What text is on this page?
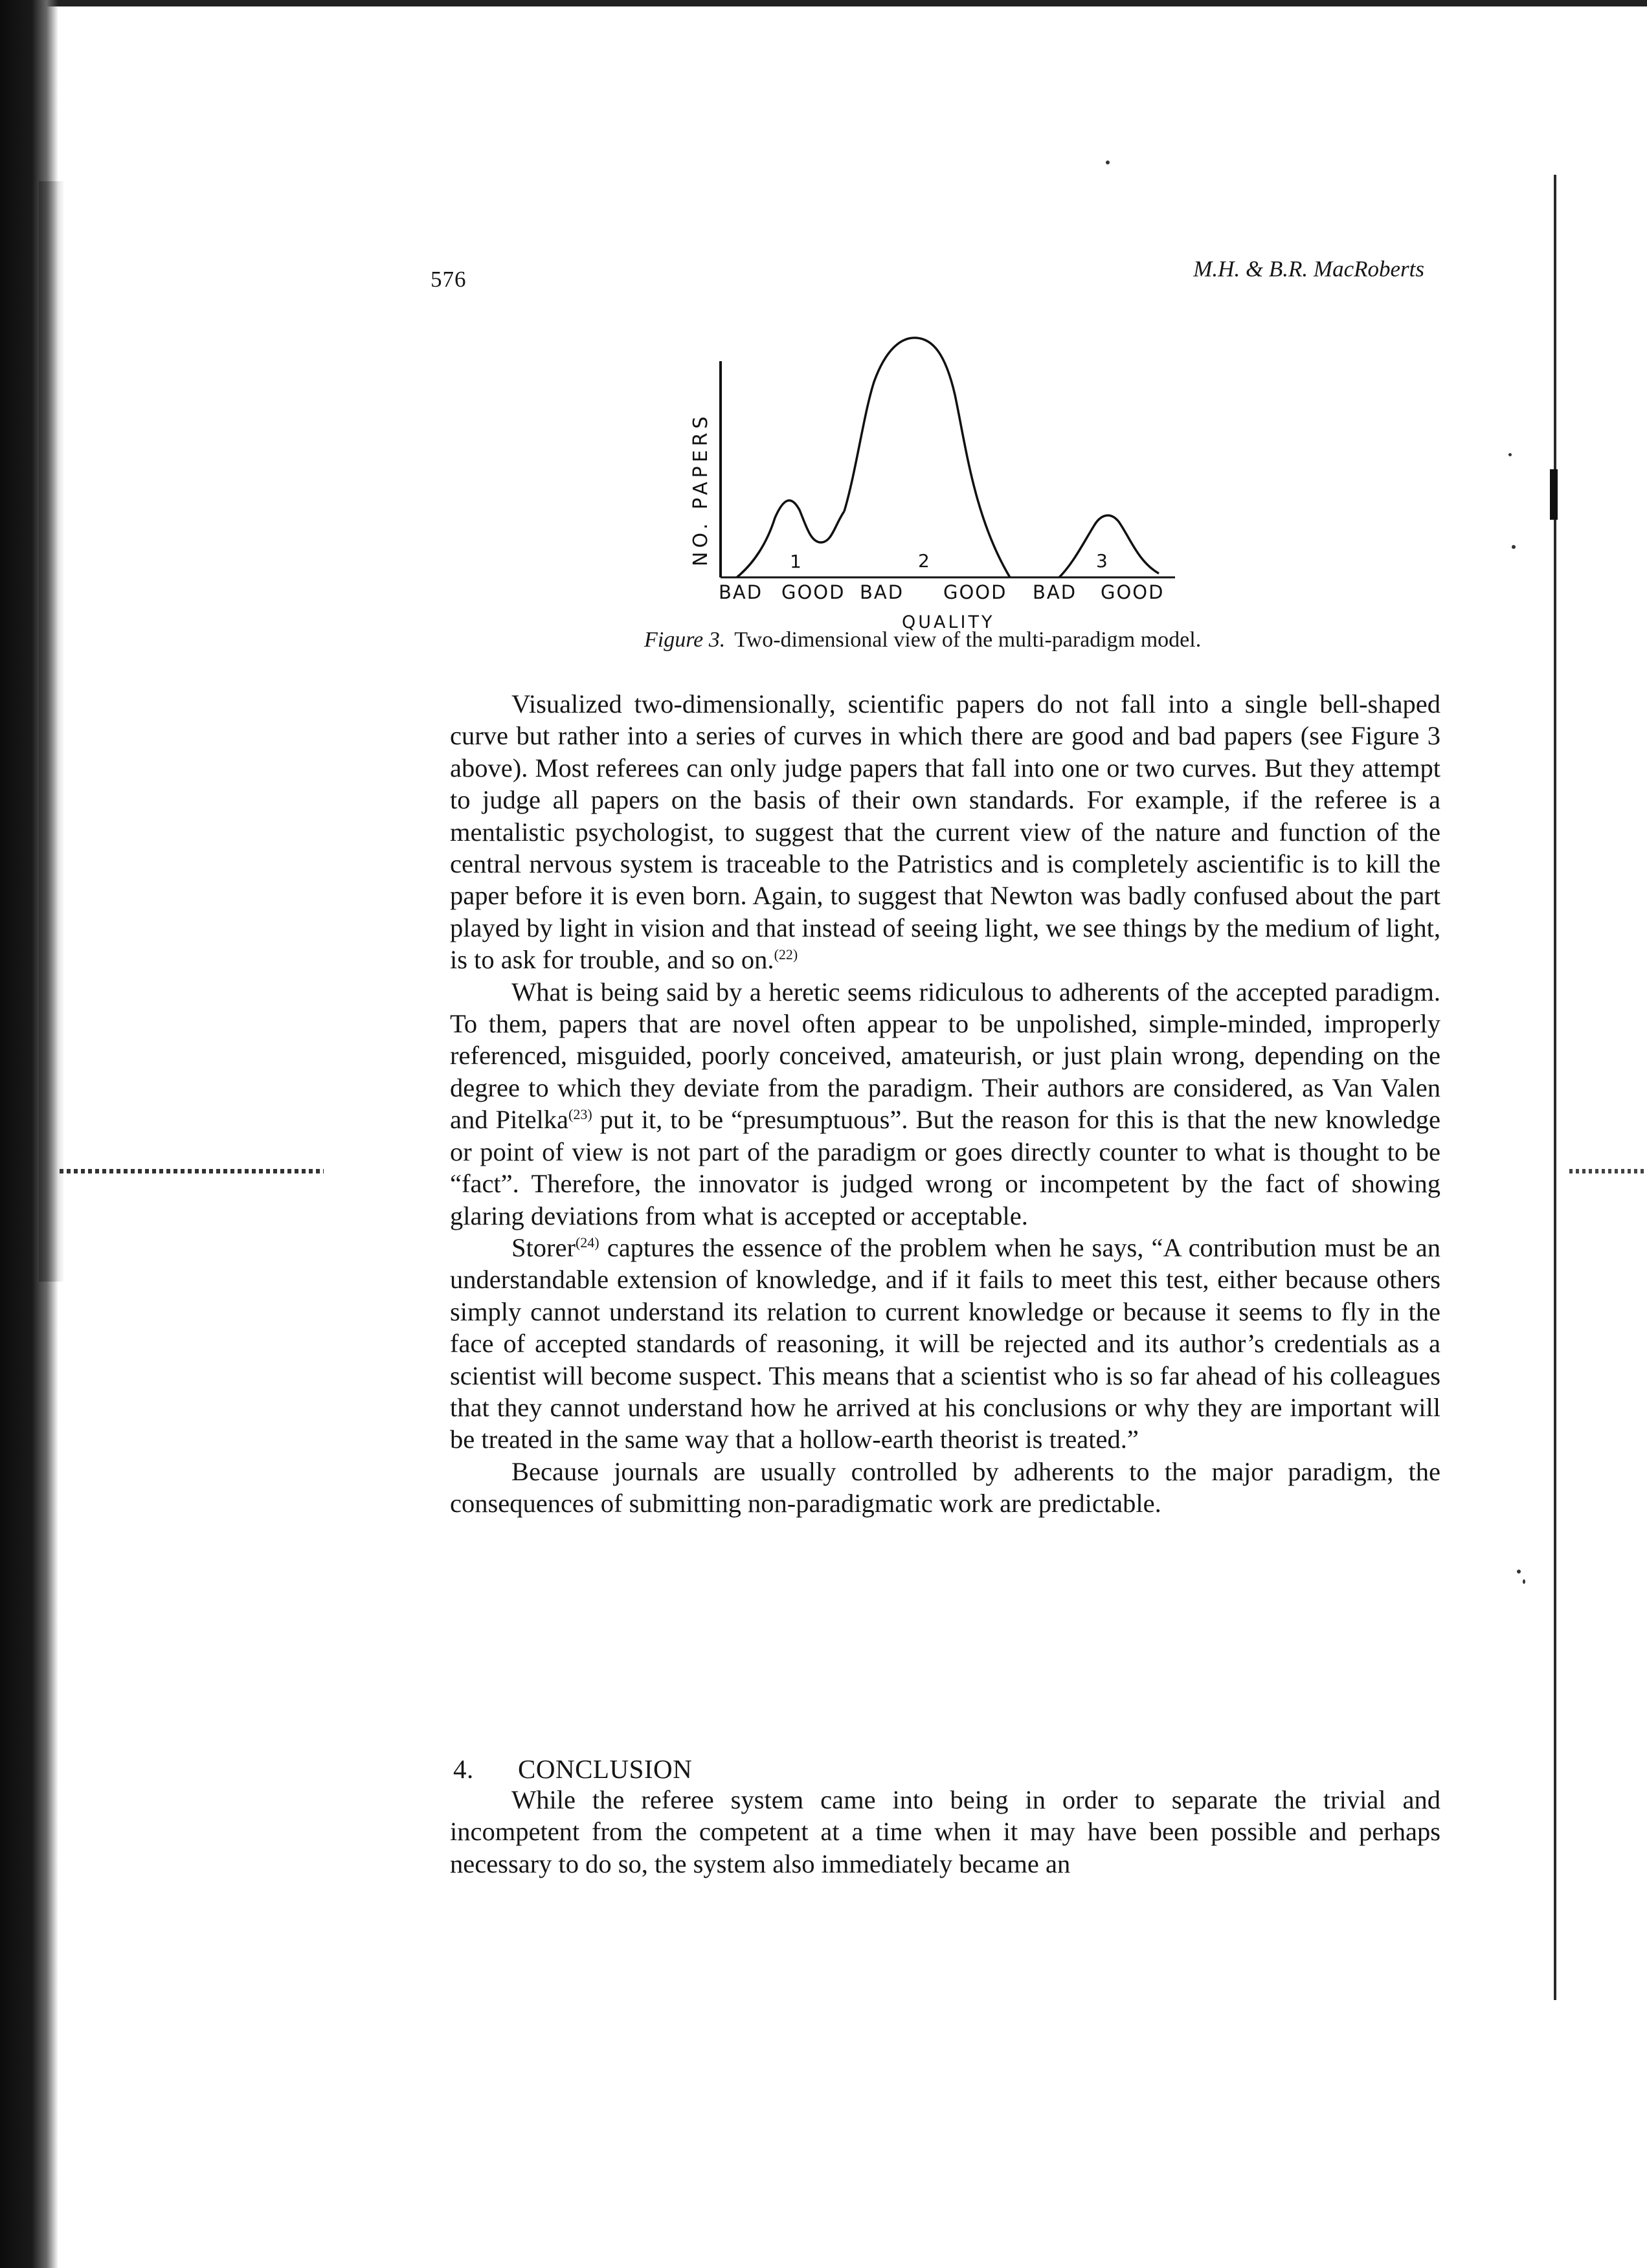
576	M.H. & B.R. MacRoberts
NO. PAPERS	1	2	3
BAD GOOD BAD GOOD BAD GOOD
QUALITY
Figure 3. Two-dimensional view of the multi-paradigm model.

Visualized two-dimensionally, scientific papers do not fall into a single bell-shaped curve but rather into a series of curves in which there are good and bad papers (see Figure 3 above). Most referees can only judge papers that fall into one or two curves. But they attempt to judge all papers on the basis of their own standards. For example, if the referee is a mentalistic psychologist, to suggest that the current view of the nature and function of the central nervous system is traceable to the Patristics and is completely ascientific is to kill the paper before it is even born. Again, to suggest that Newton was badly confused about the part played by light in vision and that instead of seeing light, we see things by the medium of light, is to ask for trouble, and so on.$^{(22)}$

What is being said by a heretic seems ridiculous to adherents of the accepted paradigm. To them, papers that are novel often appear to be unpolished, simple-minded, improperly referenced, misguided, poorly conceived, amateurish, or just plain wrong, depending on the degree to which they deviate from the paradigm. Their authors are considered, as Van Valen and Pitelka$^{(23)}$ put it, to be “presumptuous”. But the reason for this is that the new knowledge or point of view is not part of the paradigm or goes directly counter to what is thought to be “fact”. Therefore, the innovator is judged wrong or incompetent by the fact of showing glaring deviations from what is accepted or acceptable.

Storer$^{(24)}$ captures the essence of the problem when he says, “A contribution must be an understandable extension of knowledge, and if it fails to meet this test, either because others simply cannot understand its relation to current knowledge or because it seems to fly in the face of accepted standards of reasoning, it will be rejected and its author’s credentials as a scientist will become suspect. This means that a scientist who is so far ahead of his colleagues that they cannot understand how he arrived at his conclusions or why they are important will be treated in the same way that a hollow-earth theorist is treated.”

Because journals are usually controlled by adherents to the major paradigm, the consequences of submitting non-paradigmatic work are predictable.

4. CONCLUSION

While the referee system came into being in order to separate the trivial and incompetent from the competent at a time when it may have been possible and perhaps necessary to do so, the system also immediately became an
